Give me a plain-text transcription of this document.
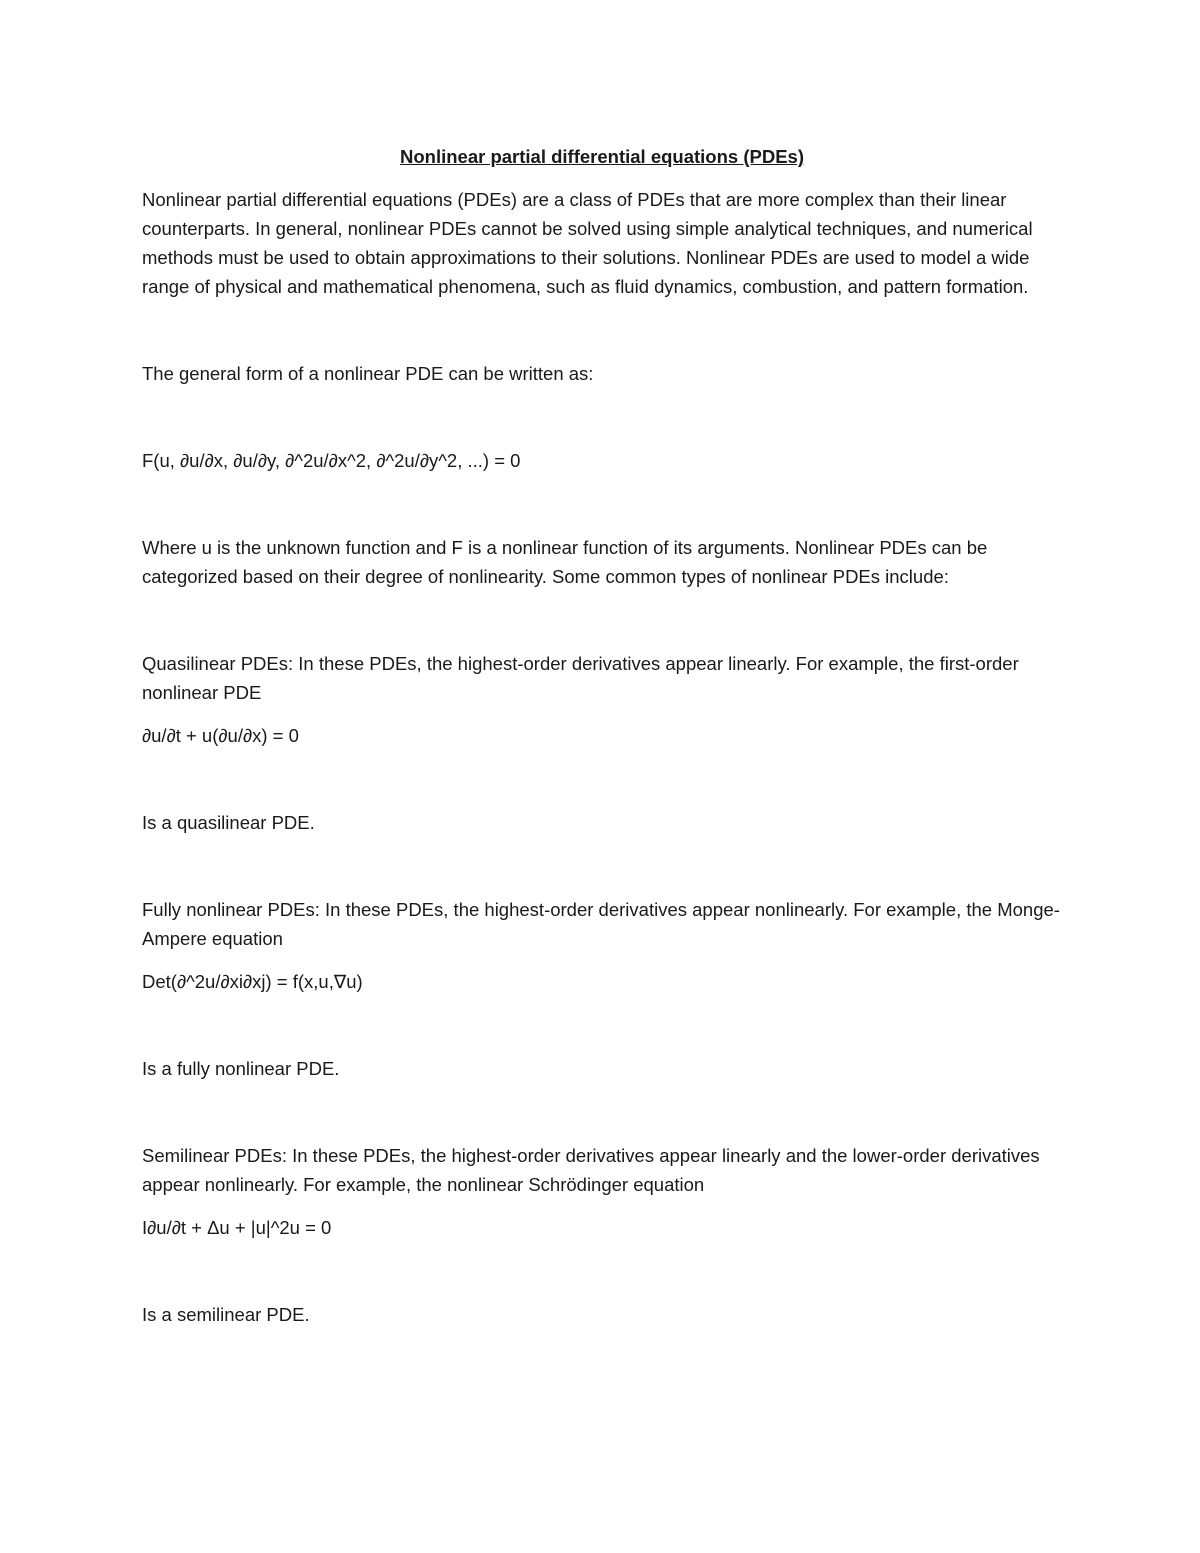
Nonlinear partial differential equations (PDEs)

Nonlinear partial differential equations (PDEs) are a class of PDEs that are more complex than their linear counterparts. In general, nonlinear PDEs cannot be solved using simple analytical techniques, and numerical methods must be used to obtain approximations to their solutions. Nonlinear PDEs are used to model a wide range of physical and mathematical phenomena, such as fluid dynamics, combustion, and pattern formation.

The general form of a nonlinear PDE can be written as:

F(u, ∂u/∂x, ∂u/∂y, ∂^2u/∂x^2, ∂^2u/∂y^2, ...) = 0

Where u is the unknown function and F is a nonlinear function of its arguments. Nonlinear PDEs can be categorized based on their degree of nonlinearity. Some common types of nonlinear PDEs include:

Quasilinear PDEs: In these PDEs, the highest-order derivatives appear linearly. For example, the first-order nonlinear PDE

∂u/∂t + u(∂u/∂x) = 0

Is a quasilinear PDE.

Fully nonlinear PDEs: In these PDEs, the highest-order derivatives appear nonlinearly. For example, the Monge-Ampere equation

Det(∂^2u/∂xi∂xj) = f(x,u,∇u)

Is a fully nonlinear PDE.

Semilinear PDEs: In these PDEs, the highest-order derivatives appear linearly and the lower-order derivatives appear nonlinearly. For example, the nonlinear Schrödinger equation

I∂u/∂t + Δu + |u|^2u = 0

Is a semilinear PDE.
